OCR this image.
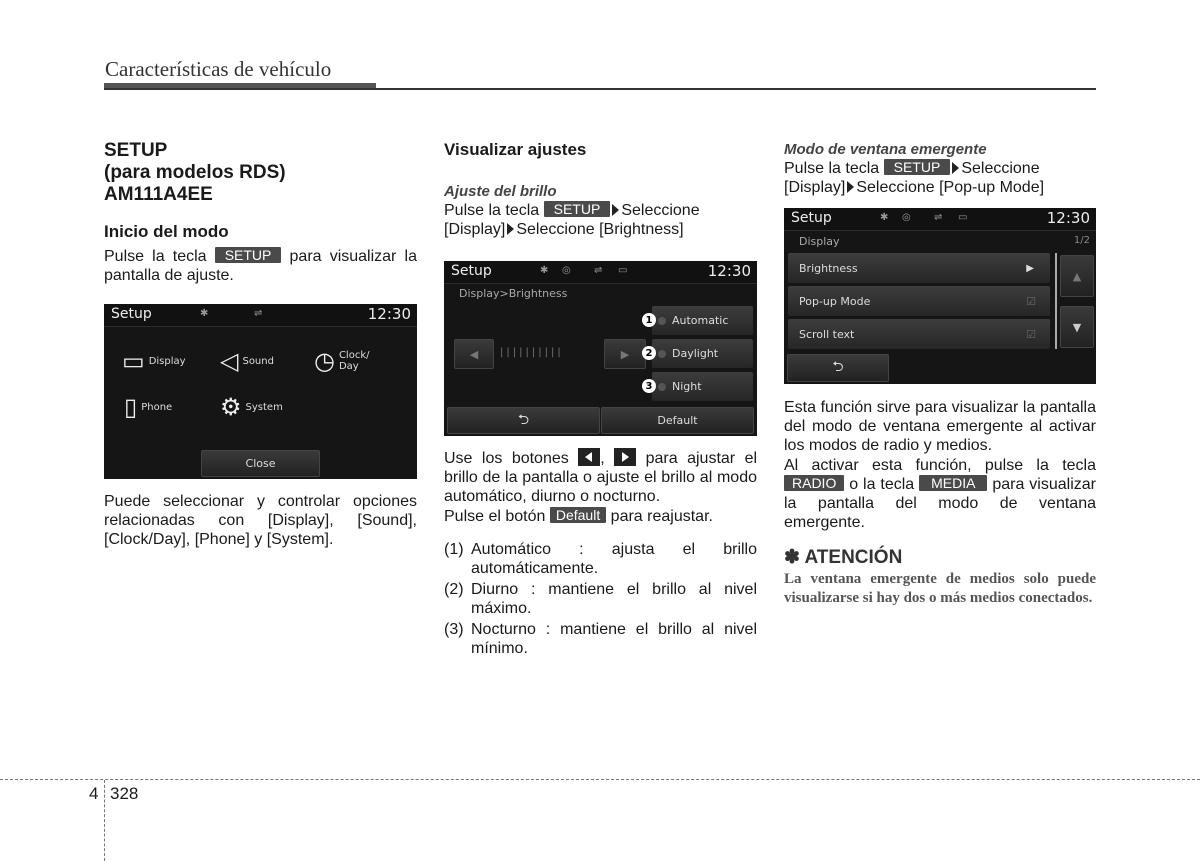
Características de vehículo
SETUP
(para modelos RDS)
AM111A4EE
Inicio del modo
Pulse la tecla SETUP para visualizar la pantalla de ajuste.
Setup	✱	⇌	12:30
▭ Display ◁ Sound ◷ Clock/
Day
▯ Phone ⚙ System
Close
Puede seleccionar y controlar opciones relacionadas con [Display], [Sound], [Clock/Day], [Phone] y [System].
Visualizar ajustes
Ajuste del brillo
Pulse la tecla SETUP Seleccione
[Display] Seleccione [Brightness]
Setup	✱ ◎ ⇌ ▭	12:30
Display>Brightness
◀	||||||||||	▶
Automatic
Daylight
Night
1
2
3
⮌	Default
Use los botones ,	para ajustar el brillo de la pantalla o ajuste el brillo al modo automático, diurno o nocturno.
Pulse el botón Default para reajustar.
(1) Automático : ajusta el brillo automáticamente.
(2) Diurno : mantiene el brillo al nivel máximo.
(3) Nocturno : mantiene el brillo al nivel mínimo.
Modo de ventana emergente
Pulse la tecla SETUP Seleccione
[Display] Seleccione [Pop-up Mode]
Setup	✱ ◎ ⇌ ▭	12:30
Display	1/2
Brightness	▶
Pop-up Mode	☑
Scroll text	☑
▲
▼
⮌
Esta función sirve para visualizar la pantalla del modo de ventana emergente al activar los modos de radio y medios.
Al activar esta función, pulse la tecla RADIO o la tecla MEDIA para visualizar la pantalla del modo de ventana emergente.
✽ ATENCIÓN
La ventana emergente de medios solo puede visualizarse si hay dos o más medios conectados.
4 328
